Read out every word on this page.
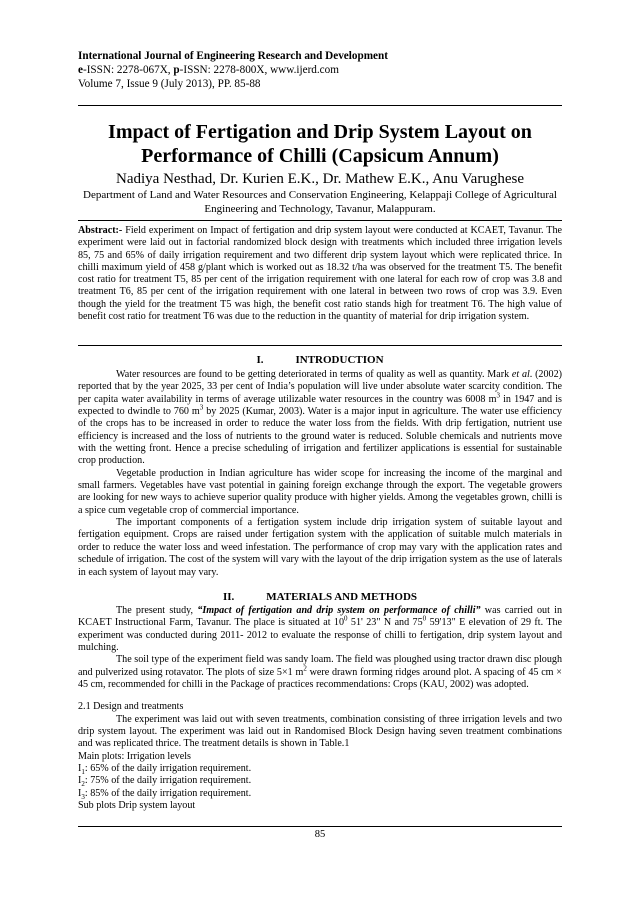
International Journal of Engineering Research and Development
e-ISSN: 2278-067X, p-ISSN: 2278-800X, www.ijerd.com
Volume 7, Issue 9 (July 2013), PP. 85-88
Impact of Fertigation and Drip System Layout on
Performance of Chilli (Capsicum Annum)
Nadiya Nesthad, Dr. Kurien E.K., Dr. Mathew E.K., Anu Varughese
Department of Land and Water Resources and Conservation Engineering, Kelappaji College of Agricultural
Engineering and Technology, Tavanur, Malappuram.
Abstract:- Field experiment on Impact of fertigation and drip system layout were conducted at KCAET, Tavanur. The experiment were laid out in factorial randomized block design with treatments which included three irrigation levels 85, 75 and 65% of daily irrigation requirement and two different drip system layout which were replicated thrice. In chilli maximum yield of 458 g/plant which is worked out as 18.32 t/ha was observed for the treatment T5. The benefit cost ratio for treatment T5, 85 per cent of the irrigation requirement with one lateral for each row of crop was 3.8 and treatment T6, 85 per cent of the irrigation requirement with one lateral in between two rows of crop was 3.9. Even though the yield for the treatment T5 was high, the benefit cost ratio stands high for treatment T6. The high value of benefit cost ratio for treatment T6 was due to the reduction in the quantity of material for drip irrigation system.
I.	INTRODUCTION

Water resources are found to be getting deteriorated in terms of quality as well as quantity. Mark et al. (2002) reported that by the year 2025, 33 per cent of India’s population will live under absolute water scarcity condition. The per capita water availability in terms of average utilizable water resources in the country was 6008 $m^3$ in 1947 and is expected to dwindle to 760 $m^3$ by 2025 (Kumar, 2003). Water is a major input in agriculture. The water use efficiency of the crops has to be increased in order to reduce the water loss from the fields. With drip fertigation, nutrient use efficiency is increased and the loss of nutrients to the ground water is reduced. Soluble chemicals and nutrients move with the wetting front. Hence a precise scheduling of irrigation and fertilizer applications is essential for sustainable crop production.

Vegetable production in Indian agriculture has wider scope for increasing the income of the marginal and small farmers. Vegetables have vast potential in gaining foreign exchange through the export. The vegetable growers are looking for new ways to achieve superior quality produce with higher yields. Among the vegetables grown, chilli is a spice cum vegetable crop of commercial importance.

The important components of a fertigation system include drip irrigation system of suitable layout and fertigation equipment. Crops are raised under fertigation system with the application of suitable mulch materials in order to reduce the water loss and weed infestation. The performance of crop may vary with the application rates and schedule of irrigation. The cost of the system will vary with the layout of the drip irrigation system as the use of laterals in each system of layout may vary.

II.	MATERIALS AND METHODS

The present study, “Impact of fertigation and drip system on performance of chilli” was carried out in KCAET Instructional Farm, Tavanur. The place is situated at $10^0$ 51' 23" N and $75^0$ 59'13" E elevation of 29 ft. The experiment was conducted during 2011- 2012 to evaluate the response of chilli to fertigation, drip system layout and mulching.

The soil type of the experiment field was sandy loam. The field was ploughed using tractor drawn disc plough and pulverized using rotavator. The plots of size 5×1 $m^2$ were drawn forming ridges around plot. A spacing of 45 cm × 45 cm, recommended for chilli in the Package of practices recommendations: Crops (KAU, 2002) was adopted.

2.1 Design and treatments

The experiment was laid out with seven treatments, combination consisting of three irrigation levels and two drip system layout. The experiment was laid out in Randomised Block Design having seven treatment combinations and was replicated thrice. The treatment details is shown in Table.1

Main plots: Irrigation levels

$I_1$: 65% of the daily irrigation requirement.

$I_2$: 75% of the daily irrigation requirement.

$I_3$: 85% of the daily irrigation requirement.

Sub plots Drip system layout

85
